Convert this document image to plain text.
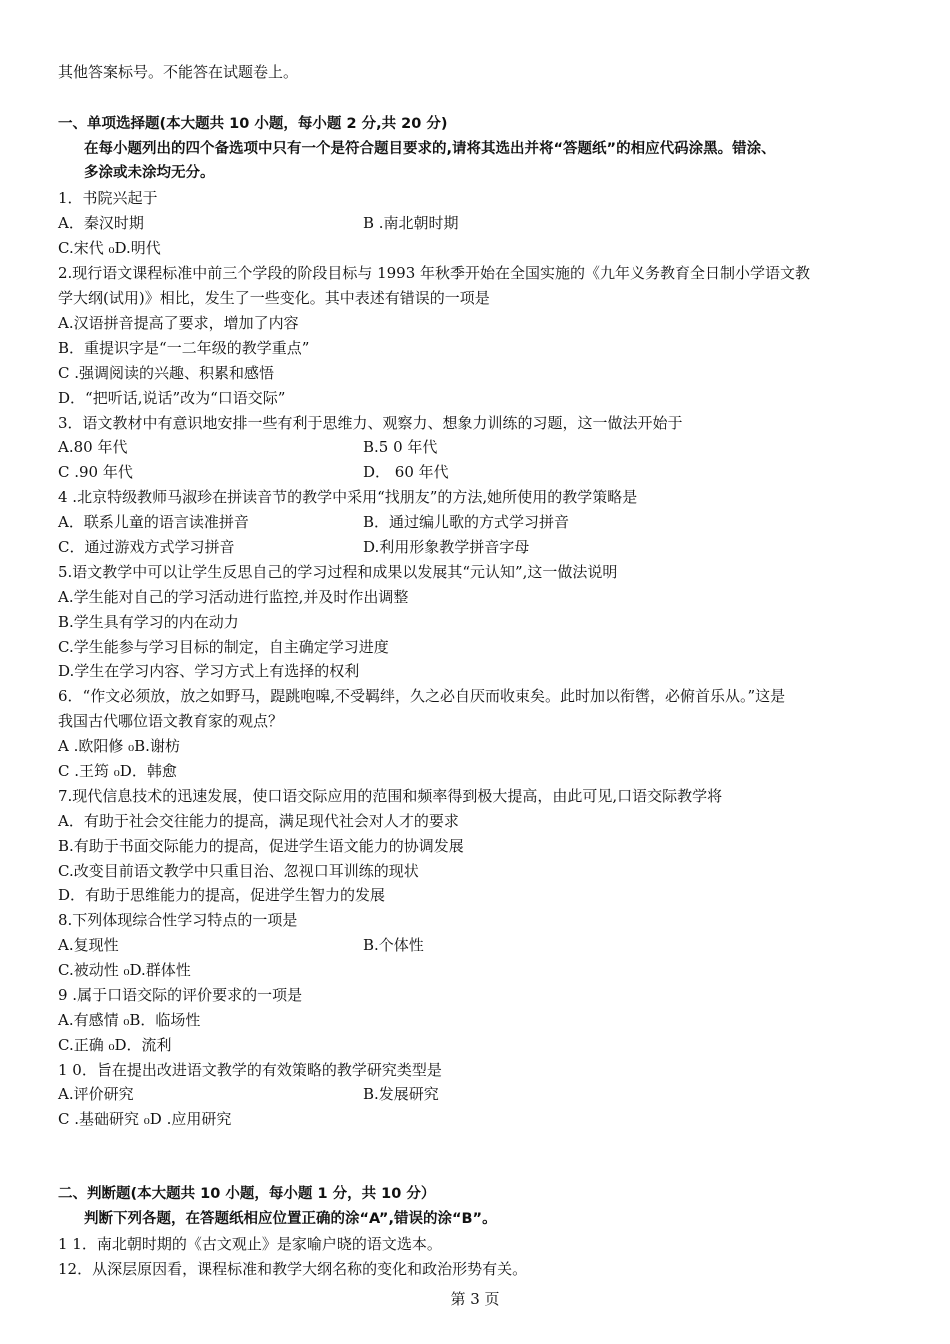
其他答案标号。不能答在试题卷上。
一、单项选择题(本大题共 10 小题，每小题 2 分,共 20 分)
在每小题列出的四个备选项中只有一个是符合题目要求的,请将其选出并将“答题纸”的相应代码涂黑。错涂、
多涂或未涂均无分。
1．书院兴起于
A．秦汉时期	B .南北朝时期
C.宋代 ₀D.明代
2.现行语文课程标准中前三个学段的阶段目标与 1993 年秋季开始在全国实施的《九年义务教育全日制小学语文教
学大纲(试用)》相比，发生了一些变化。其中表述有错误的一项是
A.汉语拼音提高了要求，增加了内容
B．重提识字是“一二年级的教学重点”
C .强调阅读的兴趣、积累和感悟
D．“把听话,说话”改为“口语交际”
3．语文教材中有意识地安排一些有利于思维力、观察力、想象力训练的习题，这一做法开始于
A.80 年代	B.5 0 年代
C .90 年代	D． 60 年代
4 .北京特级教师马淑珍在拼读音节的教学中采用“找朋友”的方法,她所使用的教学策略是
A．联系儿童的语言读准拼音	B．通过编儿歌的方式学习拼音
C．通过游戏方式学习拼音	D.利用形象教学拼音字母
5.语文教学中可以让学生反思自己的学习过程和成果以发展其“元认知”,这一做法说明
A.学生能对自己的学习活动进行监控,并及时作出调整
B.学生具有学习的内在动力
C.学生能参与学习目标的制定，自主确定学习进度
D.学生在学习内容、学习方式上有选择的权利
6．“作文必须放，放之如野马，踶跳咆嗥,不受羁绊，久之必自厌而收束矣。此时加以衔辔，必俯首乐从。”这是
我国古代哪位语文教育家的观点？
A .欧阳修 ₀B.谢枋
C .王筠 ₀D．韩愈
7.现代信息技术的迅速发展，使口语交际应用的范围和频率得到极大提高，由此可见,口语交际教学将
A．有助于社会交往能力的提高，满足现代社会对人才的要求
B.有助于书面交际能力的提高，促进学生语文能力的协调发展
C.改变目前语文教学中只重目治、忽视口耳训练的现状
D．有助于思维能力的提高，促进学生智力的发展
8.下列体现综合性学习特点的一项是
A.复现性	B.个体性
C.被动性 ₀D.群体性
9 .属于口语交际的评价要求的一项是
A.有感情 ₀B．临场性
C.正确 ₀D．流利
1 0．旨在提出改进语文教学的有效策略的教学研究类型是
A.评价研究	B.发展研究
C .基础研究 ₀D .应用研究
二、判断题(本大题共 10 小题，每小题 1 分，共 10 分）
判断下列各题，在答题纸相应位置正确的涂“A”,错误的涂“B”。
1 1．南北朝时期的《古文观止》是家喻户晓的语文选本。
12．从深层原因看，课程标准和教学大纲名称的变化和政治形势有关。
第 3 页
